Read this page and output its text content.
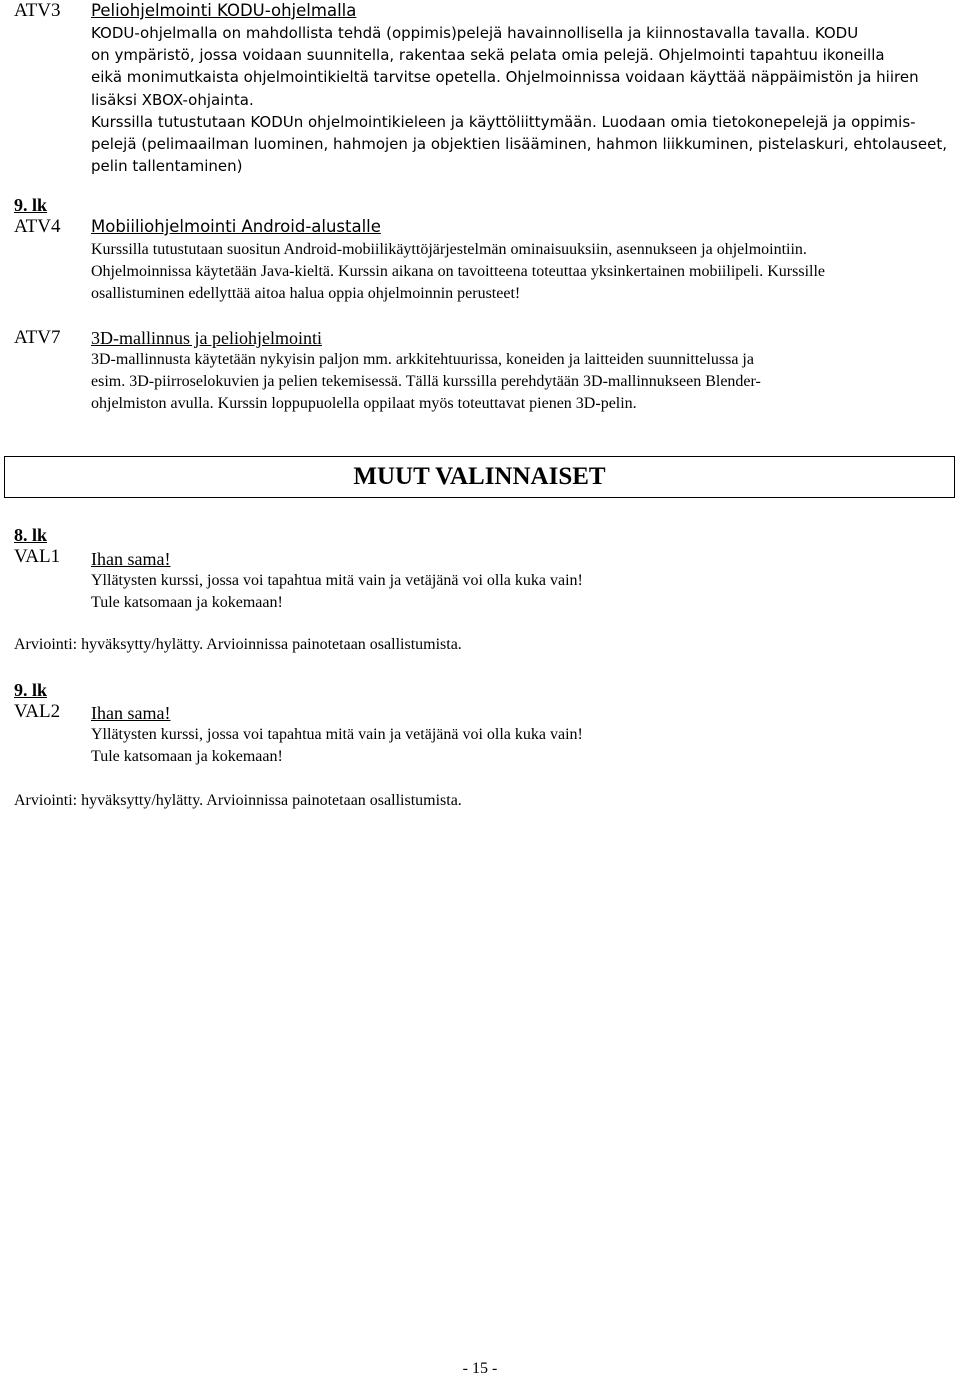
ATV3 Peliohjelmointi KODU-ohjelmalla
KODU-ohjelmalla on mahdollista tehdä (oppimis)pelejä havainnollisella ja kiinnostavalla tavalla. KODU
on ympäristö, jossa voidaan suunnitella, rakentaa sekä pelata omia pelejä. Ohjelmointi tapahtuu ikoneilla
eikä monimutkaista ohjelmointikieltä tarvitse opetella. Ohjelmoinnissa voidaan käyttää näppäimistön ja hiiren
lisäksi XBOX-ohjainta.
Kurssilla tutustutaan KODUn ohjelmointikieleen ja käyttöliittymään. Luodaan omia tietokonepelejä ja oppimis-
pelejä (pelimaailman luominen, hahmojen ja objektien lisääminen, hahmon liikkuminen, pistelaskuri, ehtolauseet,
pelin tallentaminen)
9. lk
ATV4 Mobiiliohjelmointi Android-alustalle
Kurssilla tutustutaan suositun Android-mobiilikäyttöjärjestelmän ominaisuuksiin, asennukseen ja ohjelmointiin.
Ohjelmoinnissa käytetään Java-kieltä. Kurssin aikana on tavoitteena toteuttaa yksinkertainen mobiilipeli. Kurssille
osallistuminen edellyttää aitoa halua oppia ohjelmoinnin perusteet!
ATV7 3D-mallinnus ja peliohjelmointi
3D-mallinnusta käytetään nykyisin paljon mm. arkkitehtuurissa, koneiden ja laitteiden suunnittelussa ja
esim. 3D-piirroselokuvien ja pelien tekemisessä. Tällä kurssilla perehdytään 3D-mallinnukseen Blender-
ohjelmiston avulla. Kurssin loppupuolella oppilaat myös toteuttavat pienen 3D-pelin.
MUUT VALINNAISET
8. lk
VAL1 Ihan sama!
Yllätysten kurssi, jossa voi tapahtua mitä vain ja vetäjänä voi olla kuka vain!
Tule katsomaan ja kokemaan!
Arviointi: hyväksytty/hylätty. Arvioinnissa painotetaan osallistumista.
9. lk
VAL2 Ihan sama!
Yllätysten kurssi, jossa voi tapahtua mitä vain ja vetäjänä voi olla kuka vain!
Tule katsomaan ja kokemaan!
Arviointi: hyväksytty/hylätty. Arvioinnissa painotetaan osallistumista.
- 15 -
